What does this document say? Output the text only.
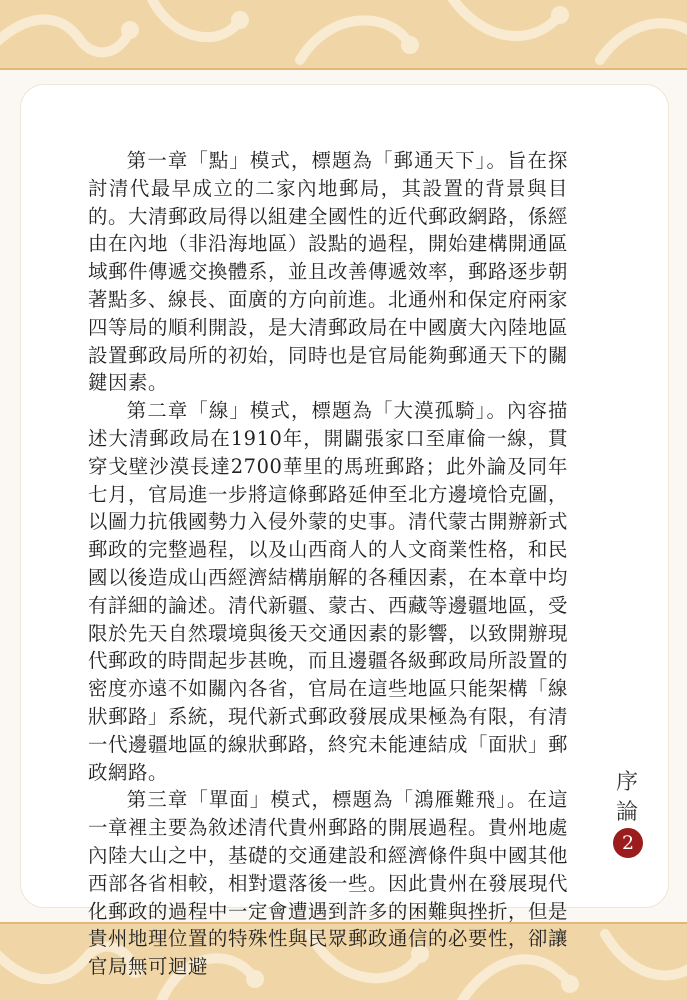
第一章「點」模式，標題為「郵通天下」。旨在探討清代最早成立的二家內地郵局，其設置的背景與目的。大清郵政局得以組建全國性的近代郵政網路，係經由在內地（非沿海地區）設點的過程，開始建構開通區域郵件傳遞交換體系，並且改善傳遞效率，郵路逐步朝著點多、線長、面廣的方向前進。北通州和保定府兩家四等局的順利開設，是大清郵政局在中國廣大內陸地區設置郵政局所的初始，同時也是官局能夠郵通天下的關鍵因素。

第二章「線」模式，標題為「大漠孤騎」。內容描述大清郵政局在1910年，開闢張家口至庫倫一線，貫穿戈壁沙漠長達2700華里的馬班郵路；此外論及同年七月，官局進一步將這條郵路延伸至北方邊境恰克圖，以圖力抗俄國勢力入侵外蒙的史事。清代蒙古開辦新式郵政的完整過程，以及山西商人的人文商業性格，和民國以後造成山西經濟結構崩解的各種因素，在本章中均有詳細的論述。清代新疆、蒙古、西藏等邊疆地區，受限於先天自然環境與後天交通因素的影響，以致開辦現代郵政的時間起步甚晚，而且邊疆各級郵政局所設置的密度亦遠不如關內各省，官局在這些地區只能架構「線狀郵路」系統，現代新式郵政發展成果極為有限，有清一代邊疆地區的線狀郵路，終究未能連結成「面狀」郵政網路。

第三章「單面」模式，標題為「鴻雁難飛」。在這一章裡主要為敘述清代貴州郵路的開展過程。貴州地處內陸大山之中，基礎的交通建設和經濟條件與中國其他西部各省相較，相對還落後一些。因此貴州在發展現代化郵政的過程中一定會遭遇到許多的困難與挫折，但是貴州地理位置的特殊性與民眾郵政通信的必要性，卻讓官局無可迴避

序
論
2
